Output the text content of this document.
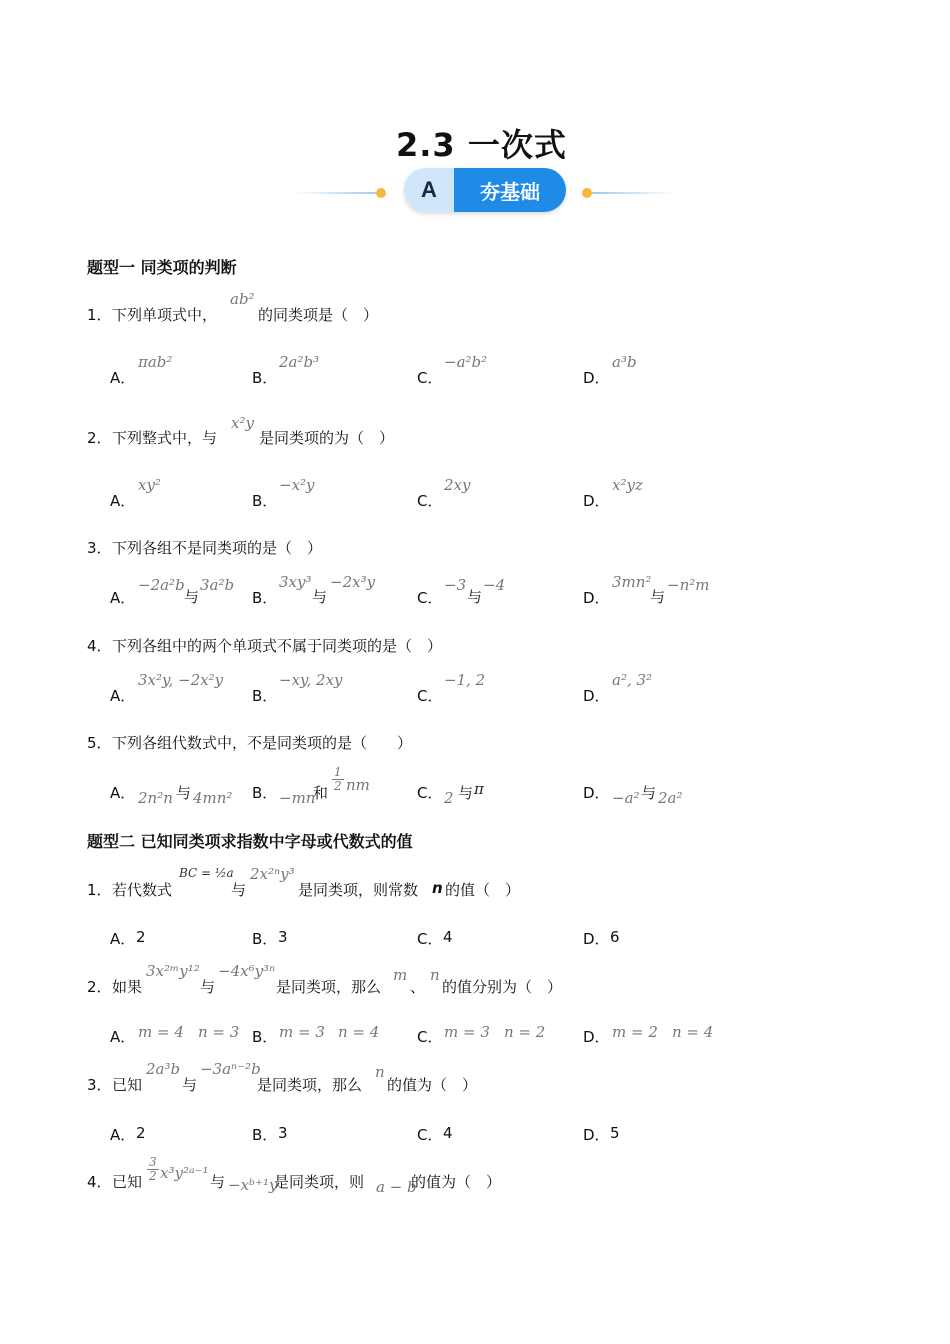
2.3 一次式
A	夯基础
题型一 同类项的判断
1． 下列单项式中，
ab²
的同类项是（　）
A．
πab²
B．
2a²b³
C．
−a²b²
D．
a³b
2． 下列整式中，与
x²y
是同类项的为（　）
A．
xy²
B．
−x²y
C．
2xy
D．
x²yz
3． 下列各组不是同类项的是（　）
A．
−2a²b
与
3a²b
B．
3xy³
与
−2x³y
C．
−3
与
−4
D．
3mn²
与
−n²m
4． 下列各组中的两个单项式不属于同类项的是（　）
A．
3x²y, −2x²y
B．
−xy, 2xy
C．
−1, 2
D．
a², 3²
5． 下列各组代数式中，不是同类项的是（　　）
A． 2n²n 与 4mn² B． −mn
和 $\frac{1}{2}$ nm	C． 2 与 π	D． −a² 与 2a²
题型二 已知同类项求指数中字母或代数式的值
1． 若代数式
BC = ½a
与
2x²ⁿy³
是同类项，则常数 n 的值（　）
A． 2	B． 3	C． 4	D． 6
2． 如果
3x²ᵐy¹²
与
−4x⁶y³ⁿ
是同类项，那么
m
、
n
的值分别为（　）
A． m = 4 n = 3 B． m = 3 n = 4	C． m = 3 n = 2	D． m = 2 n = 4
3． 已知
2a³b
与
−3aⁿ⁻²b
是同类项，那么
n
的值为（　）
A． 2	B． 3	C． 4	D． 5
4． 已知 $\frac{3}{2}$ x³y²ᵃ⁻¹ 与 −xᵇ⁺¹y
是同类项，则 a − b
的值为（　）
